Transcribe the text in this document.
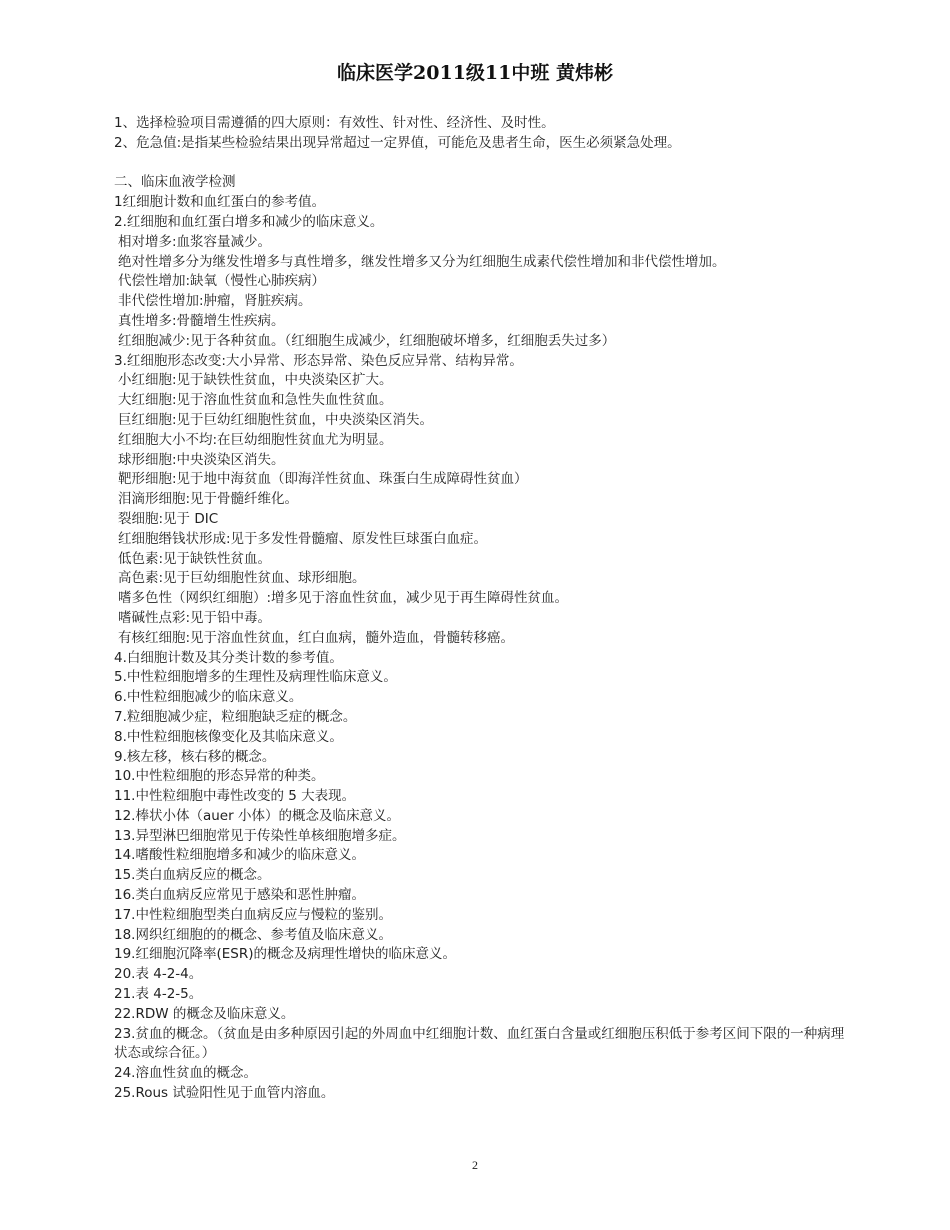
临床医学2011级11中班 黄炜彬
1、选择检验项目需遵循的四大原则：有效性、针对性、经济性、及时性。
2、危急值:是指某些检验结果出现异常超过一定界值，可能危及患者生命，医生必须紧急处理。
二、临床血液学检测
1红细胞计数和血红蛋白的参考值。
2.红细胞和血红蛋白增多和减少的临床意义。
相对增多:血浆容量减少。
绝对性增多分为继发性增多与真性增多，继发性增多又分为红细胞生成素代偿性增加和非代偿性增加。
代偿性增加:缺氧（慢性心肺疾病）
非代偿性增加:肿瘤，肾脏疾病。
真性增多:骨髓增生性疾病。
红细胞减少:见于各种贫血。（红细胞生成减少，红细胞破坏增多，红细胞丢失过多）
3.红细胞形态改变:大小异常、形态异常、染色反应异常、结构异常。
小红细胞:见于缺铁性贫血，中央淡染区扩大。
大红细胞:见于溶血性贫血和急性失血性贫血。
巨红细胞:见于巨幼红细胞性贫血，中央淡染区消失。
红细胞大小不均:在巨幼细胞性贫血尤为明显。
球形细胞:中央淡染区消失。
靶形细胞:见于地中海贫血（即海洋性贫血、珠蛋白生成障碍性贫血）
泪滴形细胞:见于骨髓纤维化。
裂细胞:见于 DIC
红细胞缗钱状形成:见于多发性骨髓瘤、原发性巨球蛋白血症。
低色素:见于缺铁性贫血。
高色素:见于巨幼细胞性贫血、球形细胞。
嗜多色性（网织红细胞）:增多见于溶血性贫血，减少见于再生障碍性贫血。
嗜碱性点彩:见于铅中毒。
有核红细胞:见于溶血性贫血，红白血病，髓外造血，骨髓转移癌。
4.白细胞计数及其分类计数的参考值。
5.中性粒细胞增多的生理性及病理性临床意义。
6.中性粒细胞减少的临床意义。
7.粒细胞减少症，粒细胞缺乏症的概念。
8.中性粒细胞核像变化及其临床意义。
9.核左移，核右移的概念。
10.中性粒细胞的形态异常的种类。
11.中性粒细胞中毒性改变的 5 大表现。
12.棒状小体（auer 小体）的概念及临床意义。
13.异型淋巴细胞常见于传染性单核细胞增多症。
14.嗜酸性粒细胞增多和减少的临床意义。
15.类白血病反应的概念。
16.类白血病反应常见于感染和恶性肿瘤。
17.中性粒细胞型类白血病反应与慢粒的鉴别。
18.网织红细胞的的概念、参考值及临床意义。
19.红细胞沉降率(ESR)的概念及病理性增快的临床意义。
20.表 4-2-4。
21.表 4-2-5。
22.RDW 的概念及临床意义。
23.贫血的概念。（贫血是由多种原因引起的外周血中红细胞计数、血红蛋白含量或红细胞压积低于参考区间下限的一种病理状态或综合征。）
24.溶血性贫血的概念。
25.Rous 试验阳性见于血管内溶血。
2
